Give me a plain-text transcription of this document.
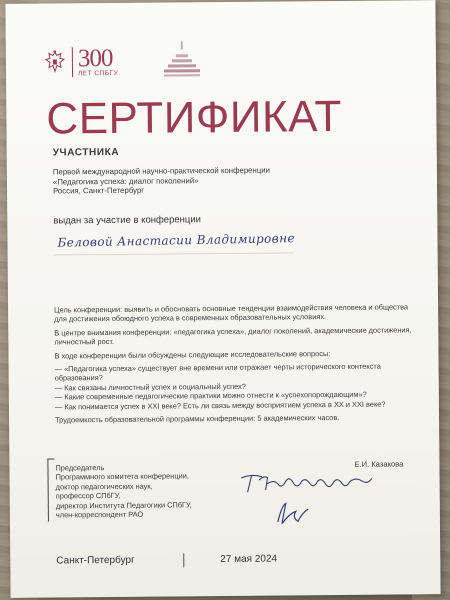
300
ЛЕТ СПБГУ
СЕРТИФИКАТ
УЧАСТНИКА
Первой международной научно-практической конференции
«Педагогика успеха: диалог поколений»
Россия, Санкт-Петербург
выдан за участие в конференции
Беловой Анастасии Владимировне

Цель конференции: выявить и обосновать основные тенденции взаимодействия человека и общества для достижения обоюдного успеха в современных образовательных условиях.

В центре внимания конференции: «педагогика успеха», диалог поколений, академические достижения, личностный рост.

В ходе конференции были обсуждены следующие исследовательские вопросы:

— «Педагогика успеха» существует вне времени или отражает черты исторического контекста образования?
— Как связаны личностный успех и социальный успех?
— Какие современные педагогические практики можно отнести к «успехопорождающим»?
— Как понимается успех в XXI веке? Есть ли связь между восприятием успеха в XX и XXI веке?

Трудоемкость образовательной программы конференции: 5 академических часов.

Председатель
Программного комитета конференции,
доктор педагогических наук,
профессор СПбГУ,
директор Института Педагогики СПбГУ,
член-корреспондент РАО
Е.И. Казакова
Санкт-Петербург	27 мая 2024
